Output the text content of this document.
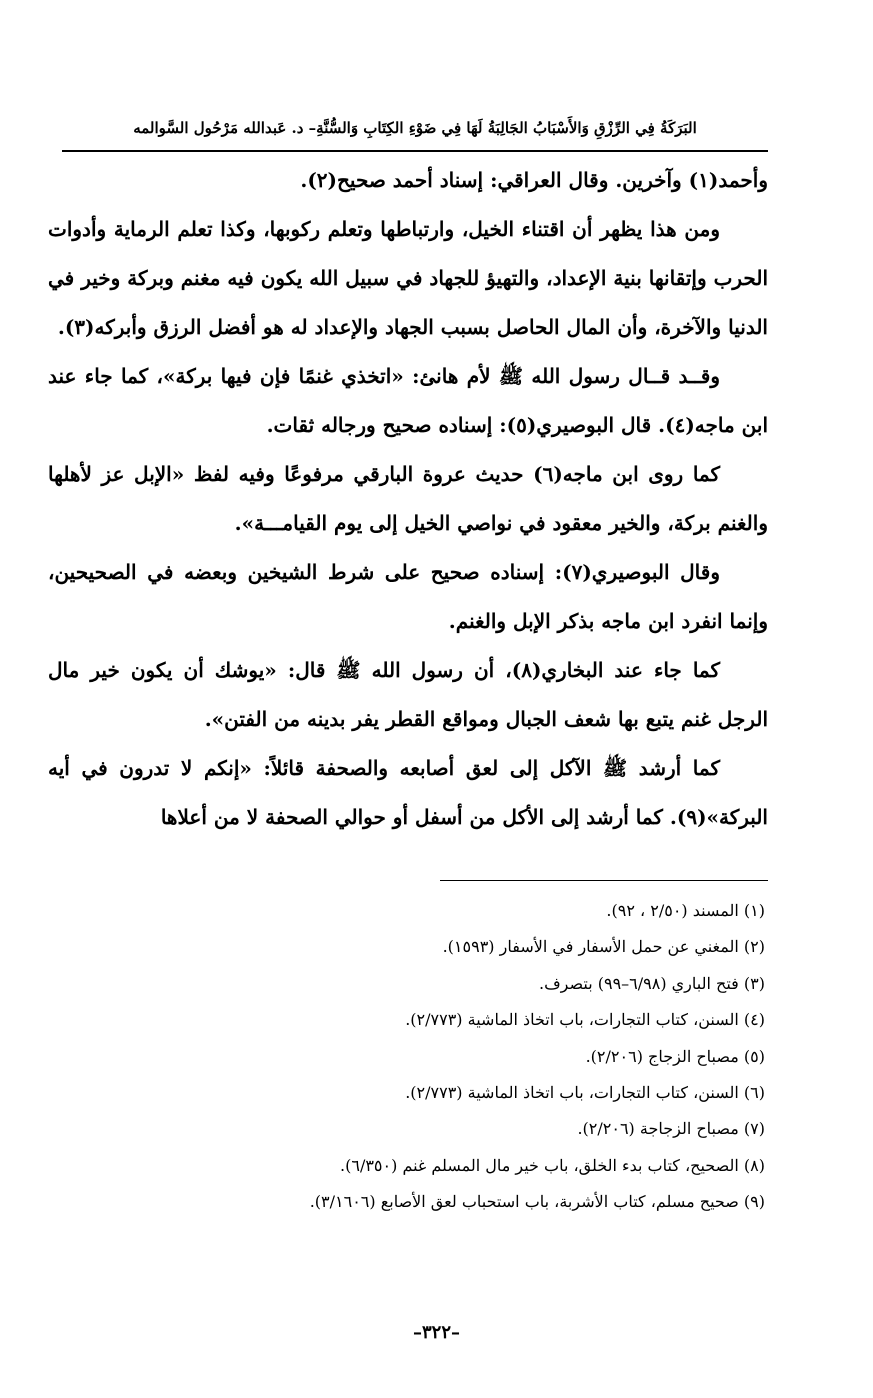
البَرَكَةُ فِي الرِّزْقِ وَالأَسْبَابُ الجَالِبَةُ لَهَا فِي ضَوْءِ الكِتَابِ وَالسُّنَّةِ– د. عَبدالله مَرْحُول السَّوالمه

وأحمد(١) وآخرين. وقال العراقي: إسناد أحمد صحيح(٢).

ومن هذا يظهر أن اقتناء الخيل، وارتباطها وتعلم ركوبها، وكذا تعلم الرماية وأدوات الحرب وإتقانها بنية الإعداد، والتهيؤ للجهاد في سبيل الله يكون فيه مغنم وبركة وخير في الدنيا والآخرة، وأن المال الحاصل بسبب الجهاد والإعداد له هو أفضل الرزق وأبركه(٣).

وقــد قــال رسول الله ﷺ لأم هانئ: «اتخذي غنمًا فإن فيها بركة»، كما جاء عند ابن ماجه(٤). قال البوصيري(٥): إسناده صحيح ورجاله ثقات.

كما روى ابن ماجه(٦) حديث عروة البارقي مرفوعًا وفيه لفظ «الإبل عز لأهلها والغنم بركة، والخير معقود في نواصي الخيل إلى يوم القيامـــة».

وقال البوصيري(٧): إسناده صحيح على شرط الشيخين وبعضه في الصحيحين، وإنما انفرد ابن ماجه بذكر الإبل والغنم.

كما جاء عند البخاري(٨)، أن رسول الله ﷺ قال: «يوشك أن يكون خير مال الرجل غنم يتبع بها شعف الجبال ومواقع القطر يفر بدينه من الفتن».

كما أرشد ﷺ الآكل إلى لعق أصابعه والصحفة قائلاً: «إنكم لا تدرون في أيه البركة»(٩). كما أرشد إلى الأكل من أسفل أو حوالي الصحفة لا من أعلاها

(١) المسند (٢/٥٠ ، ٩٢).

(٢) المغني عن حمل الأسفار في الأسفار (١٥٩٣).

(٣) فتح الباري (٦/٩٨–٩٩) بتصرف.

(٤) السنن، كتاب التجارات، باب اتخاذ الماشية (٢/٧٧٣).

(٥) مصباح الزجاج (٢/٢٠٦).

(٦) السنن، كتاب التجارات، باب اتخاذ الماشية (٢/٧٧٣).

(٧) مصباح الزجاجة (٢/٢٠٦).

(٨) الصحيح، كتاب بدء الخلق، باب خير مال المسلم غنم (٦/٣٥٠).

(٩) صحيح مسلم، كتاب الأشربة، باب استحباب لعق الأصابع (٣/١٦٠٦).

–٣٢٢–
